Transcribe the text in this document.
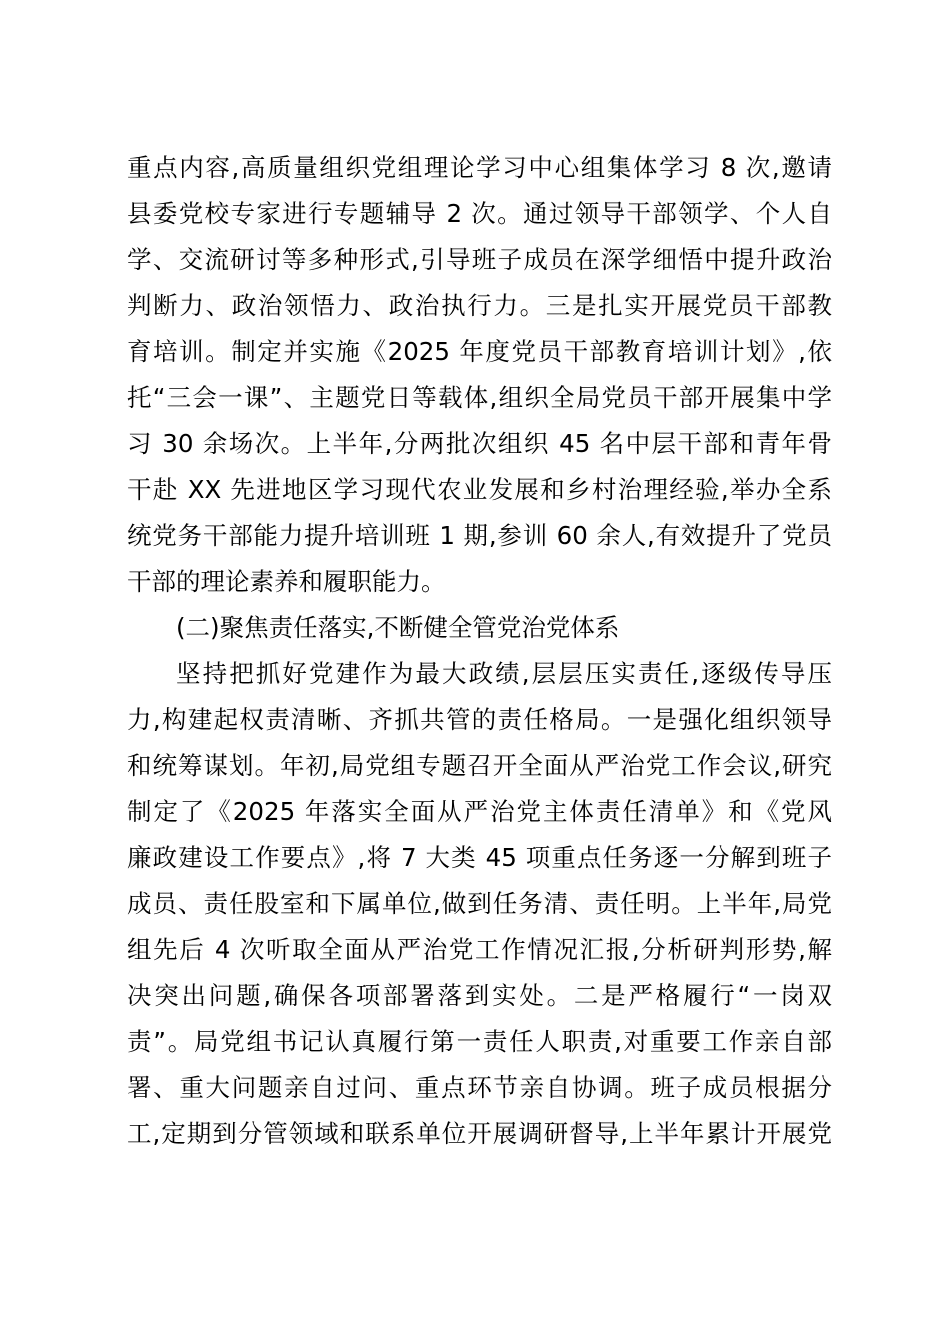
重点内容,高质量组织党组理论学习中心组集体学习 8 次,邀请
县委党校专家进行专题辅导 2 次。通过领导干部领学、个人自
学、交流研讨等多种形式,引导班子成员在深学细悟中提升政治
判断力、政治领悟力、政治执行力。三是扎实开展党员干部教
育培训。制定并实施《2025 年度党员干部教育培训计划》,依
托“三会一课”、主题党日等载体,组织全局党员干部开展集中学
习 30 余场次。上半年,分两批次组织 45 名中层干部和青年骨
干赴 XX 先进地区学习现代农业发展和乡村治理经验,举办全系
统党务干部能力提升培训班 1 期,参训 60 余人,有效提升了党员
干部的理论素养和履职能力。
(二)聚焦责任落实,不断健全管党治党体系
坚持把抓好党建作为最大政绩,层层压实责任,逐级传导压
力,构建起权责清晰、齐抓共管的责任格局。一是强化组织领导
和统筹谋划。年初,局党组专题召开全面从严治党工作会议,研究
制定了《2025 年落实全面从严治党主体责任清单》和《党风
廉政建设工作要点》,将 7 大类 45 项重点任务逐一分解到班子
成员、责任股室和下属单位,做到任务清、责任明。上半年,局党
组先后 4 次听取全面从严治党工作情况汇报,分析研判形势,解
决突出问题,确保各项部署落到实处。二是严格履行“一岗双
责”。局党组书记认真履行第一责任人职责,对重要工作亲自部
署、重大问题亲自过问、重点环节亲自协调。班子成员根据分
工,定期到分管领域和联系单位开展调研督导,上半年累计开展党
